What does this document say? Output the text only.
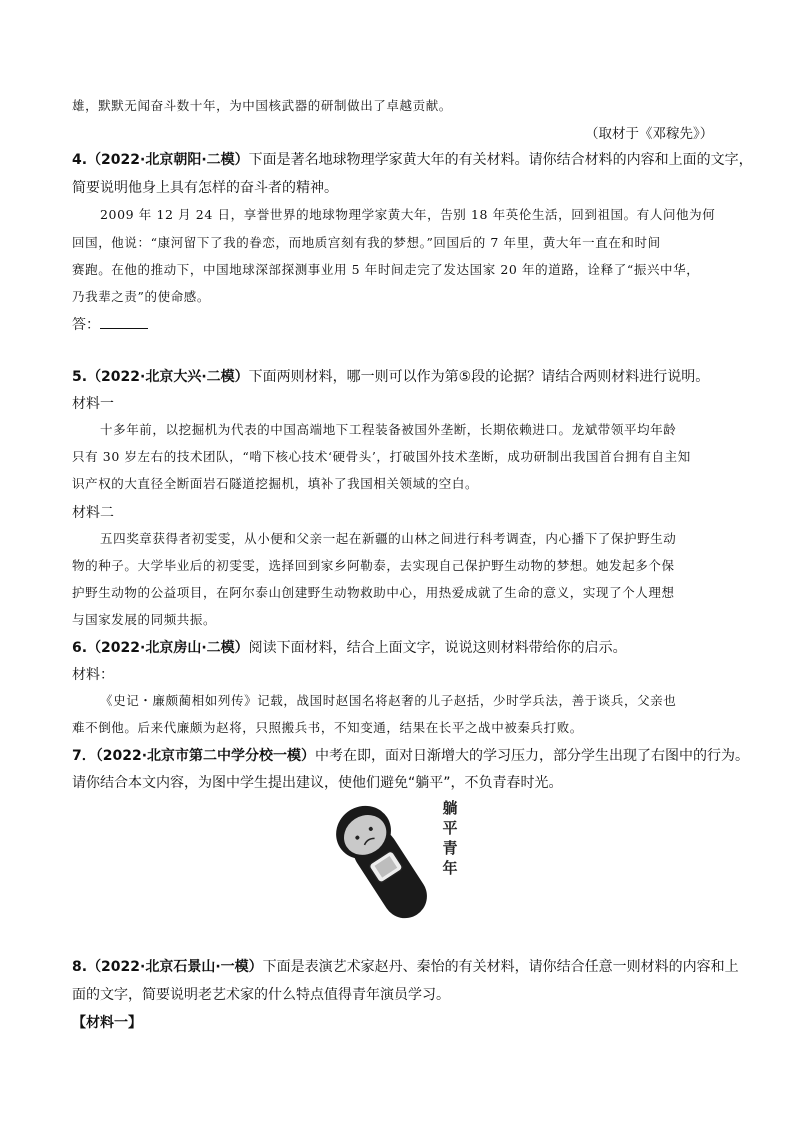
雄，默默无闻奋斗数十年，为中国核武器的研制做出了卓越贡献。
（取材于《邓稼先》）
4.（2022·北京朝阳·二模）下面是著名地球物理学家黄大年的有关材料。请你结合材料的内容和上面的文字，
简要说明他身上具有怎样的奋斗者的精神。
2009 年 12 月 24 日，享誉世界的地球物理学家黄大年，告别 18 年英伦生活，回到祖国。有人问他为何
回国，他说：“康河留下了我的眷恋，而地质宫刻有我的梦想。”回国后的 7 年里，黄大年一直在和时间
赛跑。在他的推动下，中国地球深部探测事业用 5 年时间走完了发达国家 20 年的道路，诠释了“振兴中华，
乃我辈之责”的使命感。
答：
5.（2022·北京大兴·二模）下面两则材料，哪一则可以作为第⑤段的论据？请结合两则材料进行说明。
材料一
十多年前，以挖掘机为代表的中国高端地下工程装备被国外垄断，长期依赖进口。龙斌带领平均年龄
只有 30 岁左右的技术团队，“啃下核心技术‘硬骨头’，打破国外技术垄断，成功研制出我国首台拥有自主知
识产权的大直径全断面岩石隧道挖掘机，填补了我国相关领域的空白。
材料二
五四奖章获得者初雯雯，从小便和父亲一起在新疆的山林之间进行科考调查，内心播下了保护野生动
物的种子。大学毕业后的初雯雯，选择回到家乡阿勒泰，去实现自己保护野生动物的梦想。她发起多个保
护野生动物的公益项目，在阿尔泰山创建野生动物救助中心，用热爱成就了生命的意义，实现了个人理想
与国家发展的同频共振。
6.（2022·北京房山·二模）阅读下面材料，结合上面文字，说说这则材料带给你的启示。
材料：
《史记・廉颇蔺相如列传》记载，战国时赵国名将赵奢的儿子赵括，少时学兵法，善于谈兵，父亲也
难不倒他。后来代廉颇为赵将，只照搬兵书，不知变通，结果在长平之战中被秦兵打败。
7．（2022·北京市第二中学分校一模）中考在即，面对日渐增大的学习压力，部分学生出现了右图中的行为。
请你结合本文内容，为图中学生提出建议，使他们避免“躺平”，不负青春时光。
躺
平
青
年
8.（2022·北京石景山·一模）下面是表演艺术家赵丹、秦怡的有关材料，请你结合任意一则材料的内容和上
面的文字，简要说明老艺术家的什么特点值得青年演员学习。
【材料一】
